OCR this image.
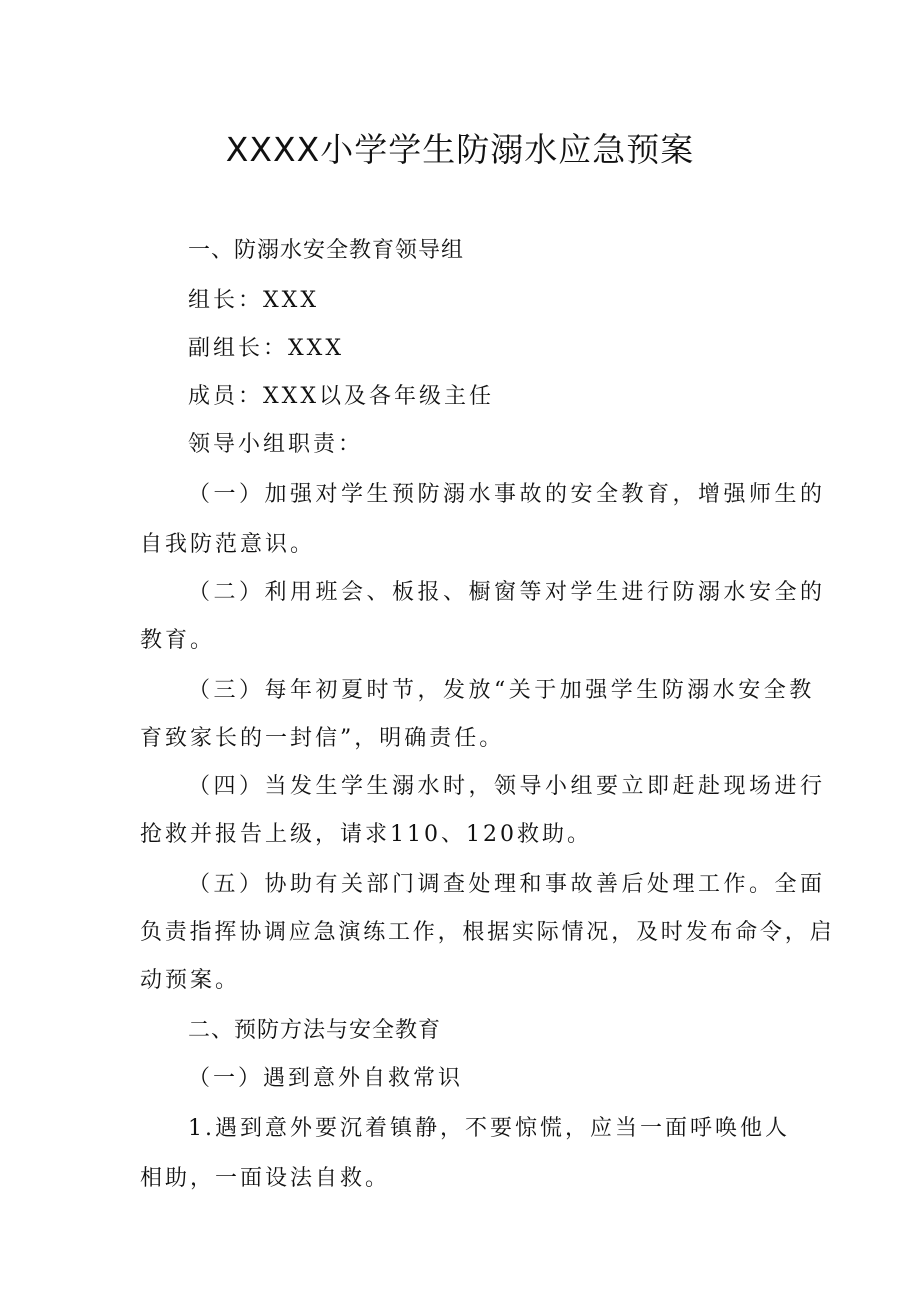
XXXX小学学生防溺水应急预案
一、防溺水安全教育领导组
组长：XXX
副组长：XXX
成员：XXX以及各年级主任
领导小组职责：
（一）加强对学生预防溺水事故的安全教育，增强师生的
自我防范意识。
（二）利用班会、板报、橱窗等对学生进行防溺水安全的
教育。
（三）每年初夏时节，发放“关于加强学生防溺水安全教
育致家长的一封信”，明确责任。
（四）当发生学生溺水时，领导小组要立即赶赴现场进行
抢救并报告上级，请求110、120救助。
（五）协助有关部门调查处理和事故善后处理工作。全面
负责指挥协调应急演练工作，根据实际情况，及时发布命令，启
动预案。
二、预防方法与安全教育
（一）遇到意外自救常识
1.遇到意外要沉着镇静，不要惊慌，应当一面呼唤他人
相助，一面设法自救。
